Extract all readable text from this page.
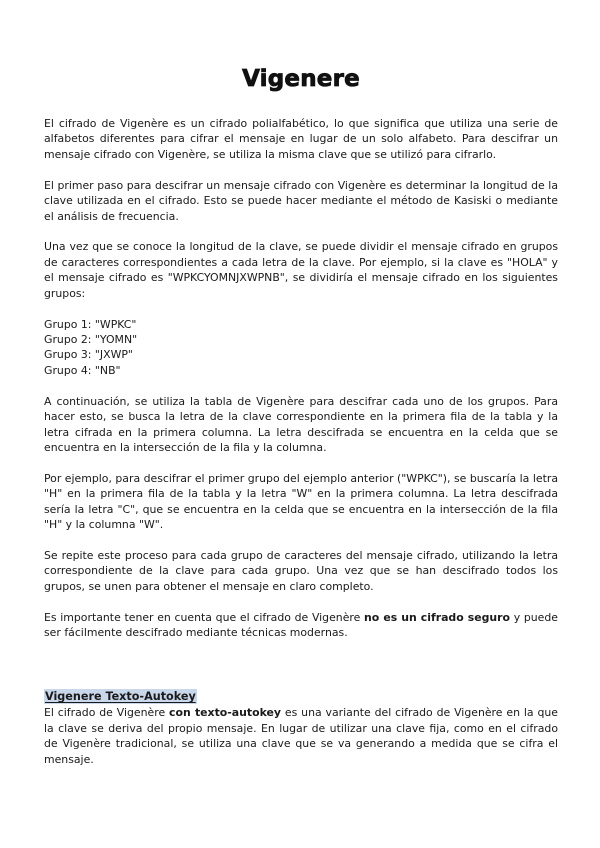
Vigenere

El cifrado de Vigenère es un cifrado polialfabético, lo que significa que utiliza una serie de alfabetos diferentes para cifrar el mensaje en lugar de un solo alfabeto. Para descifrar un mensaje cifrado con Vigenère, se utiliza la misma clave que se utilizó para cifrarlo.

El primer paso para descifrar un mensaje cifrado con Vigenère es determinar la longitud de la clave utilizada en el cifrado. Esto se puede hacer mediante el método de Kasiski o mediante el análisis de frecuencia.

Una vez que se conoce la longitud de la clave, se puede dividir el mensaje cifrado en grupos de caracteres correspondientes a cada letra de la clave. Por ejemplo, si la clave es "HOLA" y el mensaje cifrado es "WPKCYOMNJXWPNB", se dividiría el mensaje cifrado en los siguientes grupos:

Grupo 1: "WPKC"
Grupo 2: "YOMN"
Grupo 3: "JXWP"
Grupo 4: "NB"

A continuación, se utiliza la tabla de Vigenère para descifrar cada uno de los grupos. Para hacer esto, se busca la letra de la clave correspondiente en la primera fila de la tabla y la letra cifrada en la primera columna. La letra descifrada se encuentra en la celda que se encuentra en la intersección de la fila y la columna.

Por ejemplo, para descifrar el primer grupo del ejemplo anterior ("WPKC"), se buscaría la letra "H" en la primera fila de la tabla y la letra "W" en la primera columna. La letra descifrada sería la letra "C", que se encuentra en la celda que se encuentra en la intersección de la fila "H" y la columna "W".

Se repite este proceso para cada grupo de caracteres del mensaje cifrado, utilizando la letra correspondiente de la clave para cada grupo. Una vez que se han descifrado todos los grupos, se unen para obtener el mensaje en claro completo.

Es importante tener en cuenta que el cifrado de Vigenère no es un cifrado seguro y puede ser fácilmente descifrado mediante técnicas modernas.

Vigenere Texto-Autokey

El cifrado de Vigenère con texto-autokey es una variante del cifrado de Vigenère en la que la clave se deriva del propio mensaje. En lugar de utilizar una clave fija, como en el cifrado de Vigenère tradicional, se utiliza una clave que se va generando a medida que se cifra el mensaje.
